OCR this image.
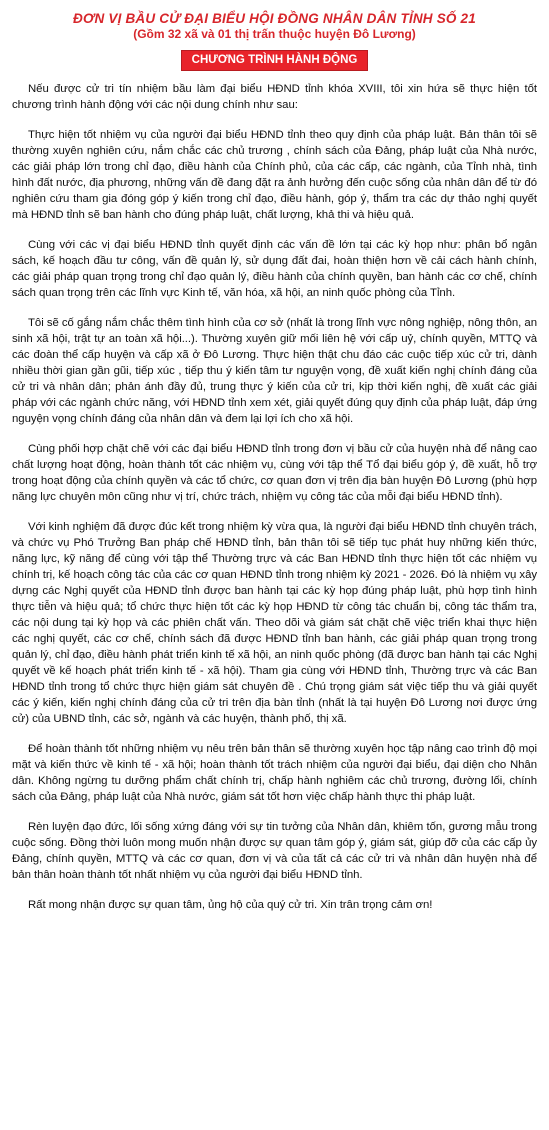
ĐƠN VỊ BẦU CỬ ĐẠI BIỂU HỘI ĐỒNG NHÂN DÂN TỈNH SỐ 21

(Gồm 32 xã và 01 thị trấn thuộc huyện Đô Lương)

CHƯƠNG TRÌNH HÀNH ĐỘNG

Nếu được cử tri tín nhiệm bầu làm đại biểu HĐND tỉnh khóa XVIII, tôi xin hứa sẽ thực hiện tốt chương trình hành động với các nội dung chính như sau:

Thực hiện tốt nhiệm vụ của người đại biểu HĐND tỉnh theo quy định của pháp luật. Bản thân tôi sẽ thường xuyên nghiên cứu, nắm chắc các chủ trương , chính sách của Đảng, pháp luật của Nhà nước, các giải pháp lớn trong chỉ đạo, điều hành của Chính phủ, của các cấp, các ngành, của Tỉnh nhà, tình hình đất nước, địa phương, những vấn đề đang đặt ra ảnh hưởng đến cuộc sống của nhân dân để từ đó nghiên cứu tham gia đóng góp ý kiến trong chỉ đạo, điều hành, góp ý, thẩm tra các dự thảo nghị quyết mà HĐND tỉnh sẽ ban hành cho đúng pháp luật, chất lượng, khả thi và hiệu quả.

Cùng với các vị đại biểu HĐND tỉnh quyết định các vấn đề lớn tại các kỳ họp như: phân bổ ngân sách, kế hoạch đầu tư công, vấn đề quản lý, sử dụng đất đai, hoàn thiện hơn về cải cách hành chính, các giải pháp quan trọng trong chỉ đạo quản lý, điều hành của chính quyền, ban hành các cơ chế, chính sách quan trọng trên các lĩnh vực Kinh tế, văn hóa, xã hội, an ninh quốc phòng của Tỉnh.

Tôi sẽ cố gắng nắm chắc thêm tình hình của cơ sở (nhất là trong lĩnh vực nông nghiệp, nông thôn, an sinh xã hội, trật tự an toàn xã hội...). Thường xuyên giữ mối liên hệ với cấp uỷ, chính quyền, MTTQ và các đoàn thể cấp huyện và cấp xã ở Đô Lương. Thực hiện thật chu đáo các cuộc tiếp xúc cử tri, dành nhiều thời gian gần gũi, tiếp xúc , tiếp thu ý kiến tâm tư nguyện vọng, đề xuất kiến nghị chính đáng của cử tri và nhân dân; phản ánh đầy đủ, trung thực ý kiến của cử tri, kịp thời kiến nghị, đề xuất các giải pháp với các ngành chức năng, với HĐND tỉnh xem xét, giải quyết đúng quy định của pháp luật, đáp ứng nguyện vọng chính đáng của nhân dân và đem lại lợi ích cho xã hội.

Cùng phối hợp chặt chẽ với các đại biểu HĐND tỉnh trong đơn vị bầu cử của huyện nhà để nâng cao chất lượng hoạt động, hoàn thành tốt các nhiệm vụ, cùng với tập thể Tổ đại biểu góp ý, đề xuất, hỗ trợ trong hoạt động của chính quyền và các tổ chức, cơ quan đơn vị trên địa bàn huyện Đô Lương (phù hợp năng lực chuyên môn cũng như vị trí, chức trách, nhiệm vụ công tác của mỗi đại biểu HĐND tỉnh).

Với kinh nghiệm đã được đúc kết trong nhiệm kỳ vừa qua, là người đại biểu HĐND tỉnh chuyên trách, và chức vụ Phó Trưởng Ban pháp chế HĐND tỉnh, bản thân tôi sẽ tiếp tục phát huy những kiến thức, năng lực, kỹ năng để cùng với tập thể Thường trực và các Ban HĐND tỉnh thực hiện tốt các nhiệm vụ chính trị, kế hoạch công tác của các cơ quan HĐND tỉnh trong nhiệm kỳ 2021 - 2026. Đó là nhiệm vụ xây dựng các Nghị quyết của HĐND tỉnh được ban hành tại các kỳ họp đúng pháp luật, phù hợp tình hình thực tiễn và hiệu quả; tổ chức thực hiện tốt các kỳ họp HĐND từ công tác chuẩn bị, công tác thẩm tra, các nội dung tại kỳ họp và các phiên chất vấn. Theo dõi và giám sát chặt chẽ việc triển khai thực hiện các nghị quyết, các cơ chế, chính sách đã được HĐND tỉnh ban hành, các giải pháp quan trọng trong quản lý, chỉ đạo, điều hành phát triển kinh tế xã hội, an ninh quốc phòng (đã được ban hành tại các Nghị quyết về kế hoạch phát triển kinh tế - xã hội). Tham gia cùng với HĐND tỉnh, Thường trực và các Ban HĐND tỉnh trong tổ chức thực hiện giám sát chuyên đề . Chú trọng giám sát việc tiếp thu và giải quyết các ý kiến, kiến nghị chính đáng của cử tri trên địa bàn tỉnh (nhất là tại huyện Đô Lương nơi được ứng cử) của UBND tỉnh, các sở, ngành và các huyện, thành phố, thị xã.

Để hoàn thành tốt những nhiệm vụ nêu trên bản thân sẽ thường xuyên học tập nâng cao trình độ mọi mặt và kiến thức về kinh tế - xã hội; hoàn thành tốt trách nhiệm của người đại biểu, đại diện cho Nhân dân. Không ngừng tu dưỡng phẩm chất chính trị, chấp hành nghiêm các chủ trương, đường lối, chính sách của Đảng, pháp luật của Nhà nước, giám sát tốt hơn việc chấp hành thực thi pháp luật.

Rèn luyện đạo đức, lối sống xứng đáng với sự tin tưởng của Nhân dân, khiêm tốn, gương mẫu trong cuộc sống. Đồng thời luôn mong muốn nhận được sự quan tâm góp ý, giám sát, giúp đỡ của các cấp ủy Đảng, chính quyền, MTTQ và các cơ quan, đơn vị và của tất cả các cử tri và nhân dân huyện nhà để bản thân hoàn thành tốt nhất nhiệm vụ của người đại biểu HĐND tỉnh.

Rất mong nhận được sự quan tâm, ủng hộ của quý cử tri. Xin trân trọng cảm ơn!
